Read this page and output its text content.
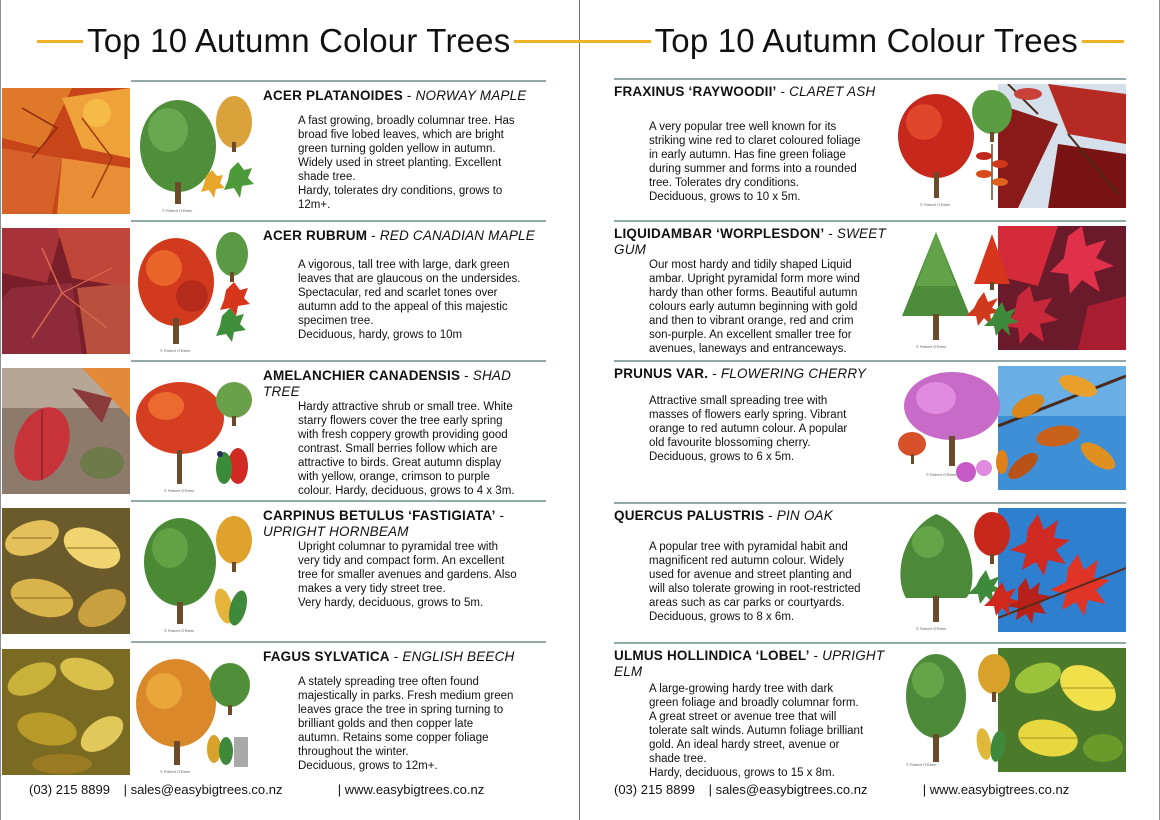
Top 10 Autumn Colour Trees
© Robert O'Brien
ACER PLATANOIDES - NORWAY MAPLE
A fast growing, broadly columnar tree. Has
broad five lobed leaves, which are bright
green turning golden yellow in autumn.
Widely used in street planting. Excellent
shade tree.
Hardy, tolerates dry conditions, grows to
12m+.
© Robert O'Brien
ACER RUBRUM - RED CANADIAN MAPLE
A vigorous, tall tree with large, dark green
leaves that are glaucous on the undersides.
Spectacular, red and scarlet tones over
autumn add to the appeal of this majestic
specimen tree.
Deciduous, hardy, grows to 10m
© Robert O'Brien
AMELANCHIER CANADENSIS - SHAD TREE
Hardy attractive shrub or small tree. White
starry flowers cover the tree early spring
with fresh coppery growth providing good
contrast. Small berries follow which are
attractive to birds. Great autumn display
with yellow, orange, crimson to purple
colour. Hardy, deciduous, grows to 4 x 3m.
© Robert O'Brien
CARPINUS BETULUS ‘FASTIGIATA’ - UPRIGHT HORNBEAM
Upright columnar to pyramidal tree with
very tidy and compact form. An excellent
tree for smaller avenues and gardens. Also
makes a very tidy street tree.
Very hardy, deciduous, grows to 5m.
© Robert O'Brien
FAGUS SYLVATICA - ENGLISH BEECH
A stately spreading tree often found
majestically in parks. Fresh medium green
leaves grace the tree in spring turning to
brilliant golds and then copper late
autumn. Retains some copper foliage
throughout the winter.
Deciduous, grows to 12m+.
(03) 215 8899 | sales@easybigtrees.co.nz	| www.easybigtrees.co.nz
Top 10 Autumn Colour Trees
© Robert O'Brien
FRAXINUS ‘RAYWOODII’ - CLARET ASH
A very popular tree well known for its
striking wine red to claret coloured foliage
in early autumn. Has fine green foliage
during summer and forms into a rounded
tree. Tolerates dry conditions.
Deciduous, grows to 10 x 5m.
© Robert O'Brien
LIQUIDAMBAR ‘WORPLESDON’ - SWEET GUM
Our most hardy and tidily shaped Liquid
ambar. Upright pyramidal form more wind
hardy than other forms. Beautiful autumn
colours early autumn beginning with gold
and then to vibrant orange, red and crim
son-purple. An excellent smaller tree for
avenues, laneways and entranceways.
© Robert O'Brien
PRUNUS VAR. - FLOWERING CHERRY
Attractive small spreading tree with
masses of flowers early spring. Vibrant
orange to red autumn colour. A popular
old favourite blossoming cherry.
Deciduous, grows to 6 x 5m.
© Robert O'Brien
QUERCUS PALUSTRIS - PIN OAK
A popular tree with pyramidal habit and
magnificent red autumn colour. Widely
used for avenue and street planting and
will also tolerate growing in root-restricted
areas such as car parks or courtyards.
Deciduous, grows to 8 x 6m.
© Robert O'Brien
ULMUS HOLLINDICA ‘LOBEL’ - UPRIGHT ELM
A large-growing hardy tree with dark
green foliage and broadly columnar form.
A great street or avenue tree that will
tolerate salt winds. Autumn foliage brilliant
gold. An ideal hardy street, avenue or
shade tree.
Hardy, deciduous, grows to 15 x 8m.
(03) 215 8899 | sales@easybigtrees.co.nz	| www.easybigtrees.co.nz
